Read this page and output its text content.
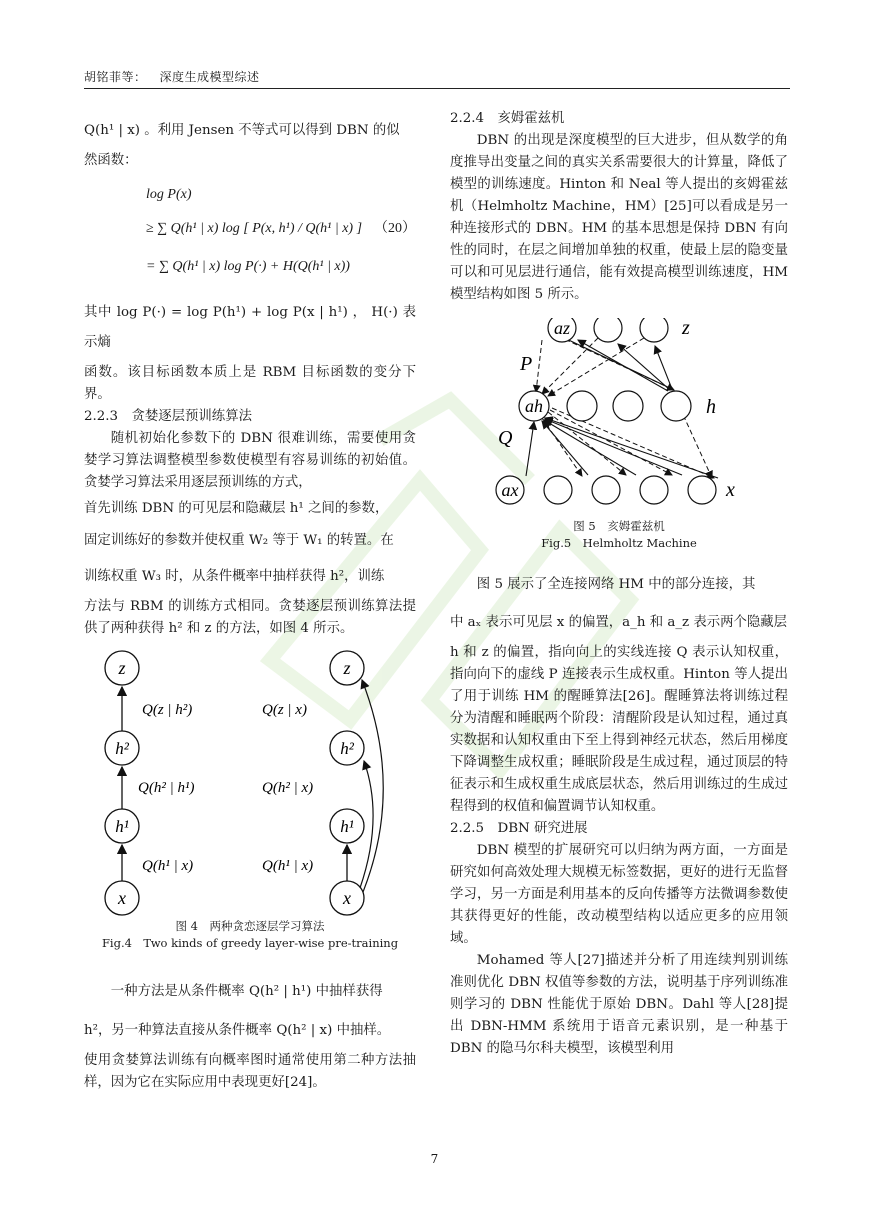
胡铭菲等： 深度生成模型综述

Q(h¹ | x) 。利用 Jensen 不等式可以得到 DBN 的似

然函数：

log P(x)
≥ ∑ Q(h¹ | x) log [ P(x, h¹) / Q(h¹ | x) ]
= ∑ Q(h¹ | x) log P(·) + H(Q(h¹ | x))
（20）

其中 log P(·) = log P(h¹) + log P(x | h¹) ， H(·) 表示熵

函数。该目标函数本质上是 RBM 目标函数的变分下界。

2.2.3　贪婪逐层预训练算法

随机初始化参数下的 DBN 很难训练，需要使用贪婪学习算法调整模型参数使模型有容易训练的初始值。贪婪学习算法采用逐层预训练的方式，

首先训练 DBN 的可见层和隐藏层 h¹ 之间的参数，

固定训练好的参数并使权重 W₂ 等于 W₁ 的转置。在

训练权重 W₃ 时，从条件概率中抽样获得 h²，训练

方法与 RBM 的训练方式相同。贪婪逐层预训练算法提供了两种获得 h² 和 z 的方法，如图 4 所示。

z
h²
h¹
x
Q(z | h²)
Q(h² | h¹)
Q(h¹ | x)
z
h²
h¹
x
Q(z | x)
Q(h² | x)
Q(h¹ | x)
图 4　两种贪恋逐层学习算法
Fig.4　Two kinds of greedy layer-wise pre-training

一种方法是从条件概率 Q(h² | h¹) 中抽样获得

h²，另一种算法直接从条件概率 Q(h² | x) 中抽样。

使用贪婪算法训练有向概率图时通常使用第二种方法抽样，因为它在实际应用中表现更好[24]。

2.2.4　亥姆霍兹机

DBN 的出现是深度模型的巨大进步，但从数学的角度推导出变量之间的真实关系需要很大的计算量，降低了模型的训练速度。Hinton 和 Neal 等人提出的亥姆霍兹机（Helmholtz Machine，HM）[25]可以看成是另一种连接形式的 DBN。HM 的基本思想是保持 DBN 有向性的同时，在层之间增加单独的权重，使最上层的隐变量可以和可见层进行通信，能有效提高模型训练速度，HM 模型结构如图 5 所示。

az
ah
ax
z
h
x
P
Q
图 5　亥姆霍兹机
Fig.5　Helmholtz Machine

图 5 展示了全连接网络 HM 中的部分连接，其

中 aₓ 表示可见层 x 的偏置，a_h 和 a_z 表示两个隐藏层

h 和 z 的偏置，指向向上的实线连接 Q 表示认知权重，指向向下的虚线 P 连接表示生成权重。Hinton 等人提出了用于训练 HM 的醒睡算法[26]。醒睡算法将训练过程分为清醒和睡眠两个阶段：清醒阶段是认知过程，通过真实数据和认知权重由下至上得到神经元状态，然后用梯度下降调整生成权重；睡眠阶段是生成过程，通过顶层的特征表示和生成权重生成底层状态，然后用训练过的生成过程得到的权值和偏置调节认知权重。

2.2.5　DBN 研究进展

DBN 模型的扩展研究可以归纳为两方面，一方面是研究如何高效处理大规模无标签数据，更好的进行无监督学习，另一方面是利用基本的反向传播等方法微调参数使其获得更好的性能，改动模型结构以适应更多的应用领域。

Mohamed 等人[27]描述并分析了用连续判别训练准则优化 DBN 权值等参数的方法，说明基于序列训练准则学习的 DBN 性能优于原始 DBN。Dahl 等人[28]提出 DBN-HMM 系统用于语音元素识别，是一种基于 DBN 的隐马尔科夫模型，该模型利用

7
